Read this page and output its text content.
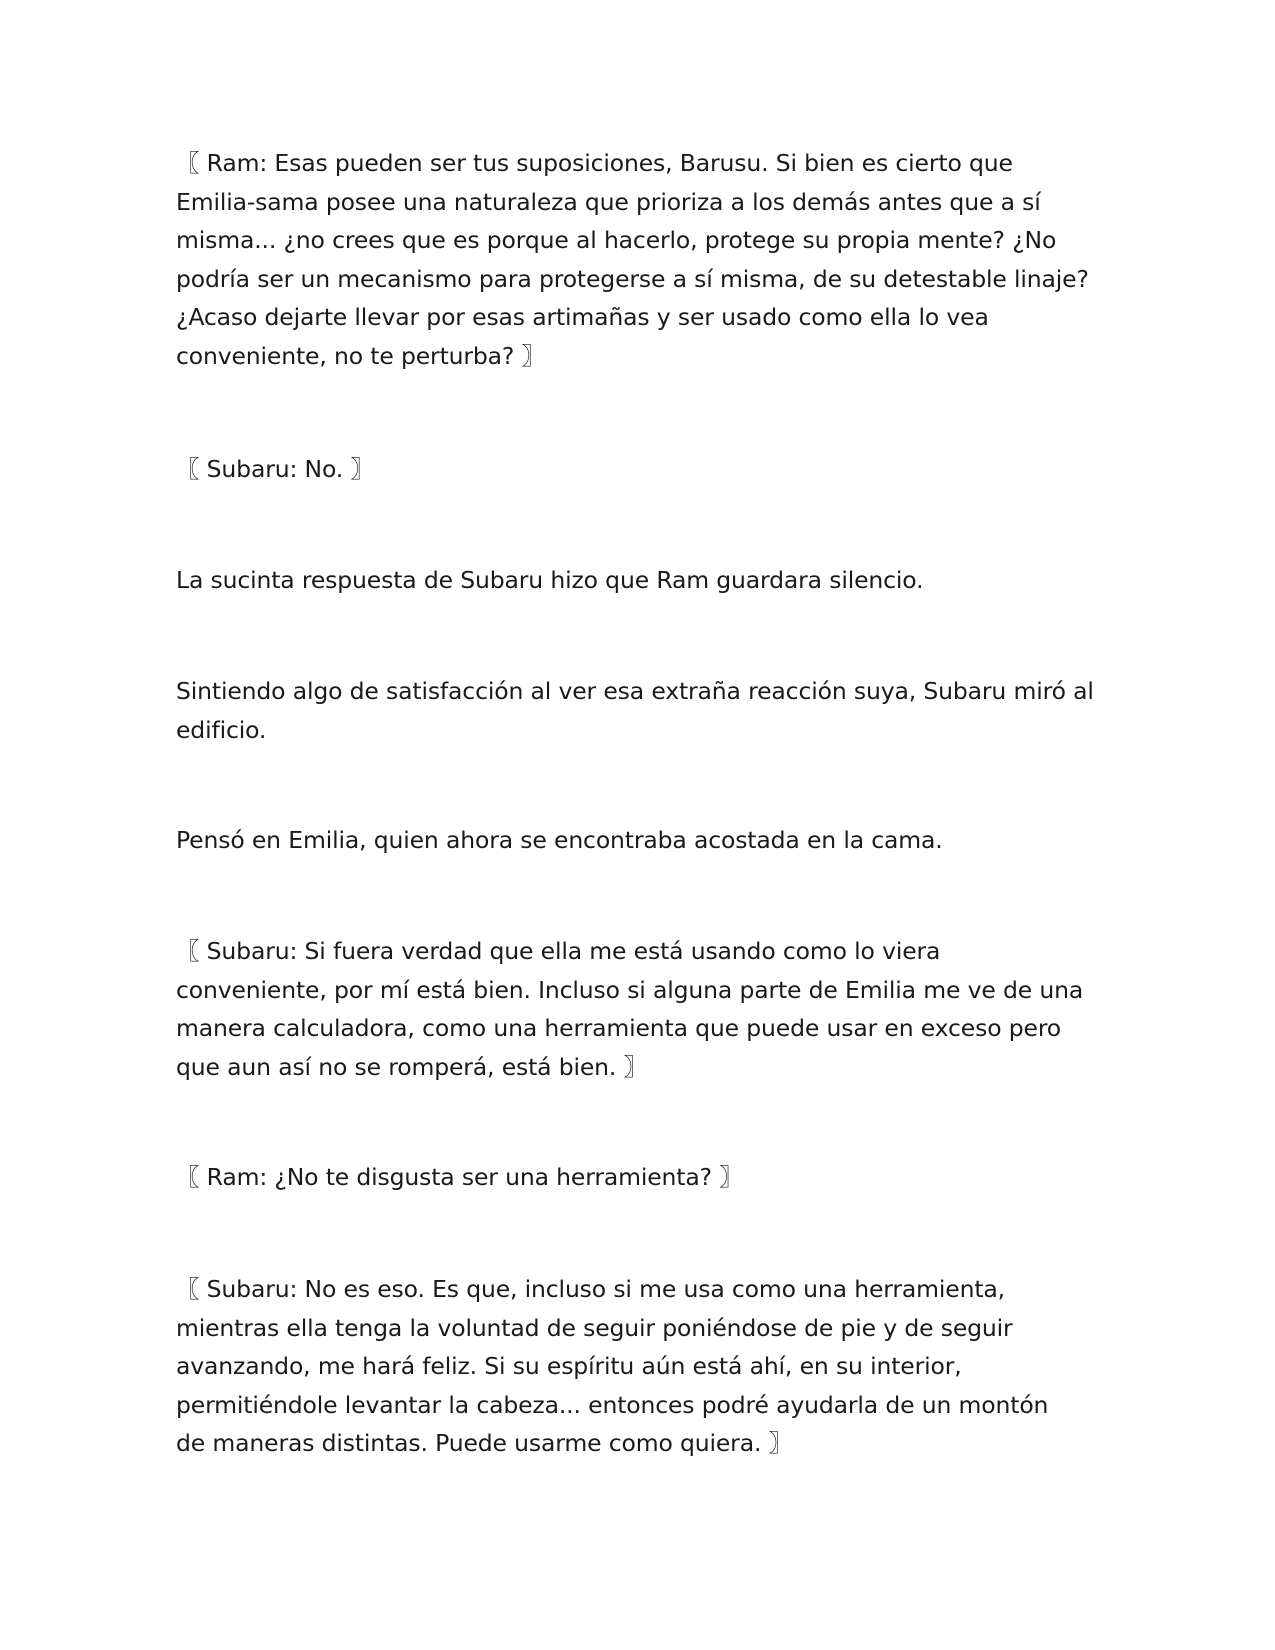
〖 Ram: Esas pueden ser tus suposiciones, Barusu. Si bien es cierto que
Emilia-sama posee una naturaleza que prioriza a los demás antes que a sí
misma... ¿no crees que es porque al hacerlo, protege su propia mente? ¿No
podría ser un mecanismo para protegerse a sí misma, de su detestable linaje?
¿Acaso dejarte llevar por esas artimañas y ser usado como ella lo vea
conveniente, no te perturba? 〗

〖 Subaru: No. 〗

La sucinta respuesta de Subaru hizo que Ram guardara silencio.

Sintiendo algo de satisfacción al ver esa extraña reacción suya, Subaru miró al
edificio.

Pensó en Emilia, quien ahora se encontraba acostada en la cama.

〖 Subaru: Si fuera verdad que ella me está usando como lo viera
conveniente, por mí está bien. Incluso si alguna parte de Emilia me ve de una
manera calculadora, como una herramienta que puede usar en exceso pero
que aun así no se romperá, está bien. 〗

〖 Ram: ¿No te disgusta ser una herramienta? 〗

〖 Subaru: No es eso. Es que, incluso si me usa como una herramienta,
mientras ella tenga la voluntad de seguir poniéndose de pie y de seguir
avanzando, me hará feliz. Si su espíritu aún está ahí, en su interior,
permitiéndole levantar la cabeza... entonces podré ayudarla de un montón
de maneras distintas. Puede usarme como quiera. 〗
